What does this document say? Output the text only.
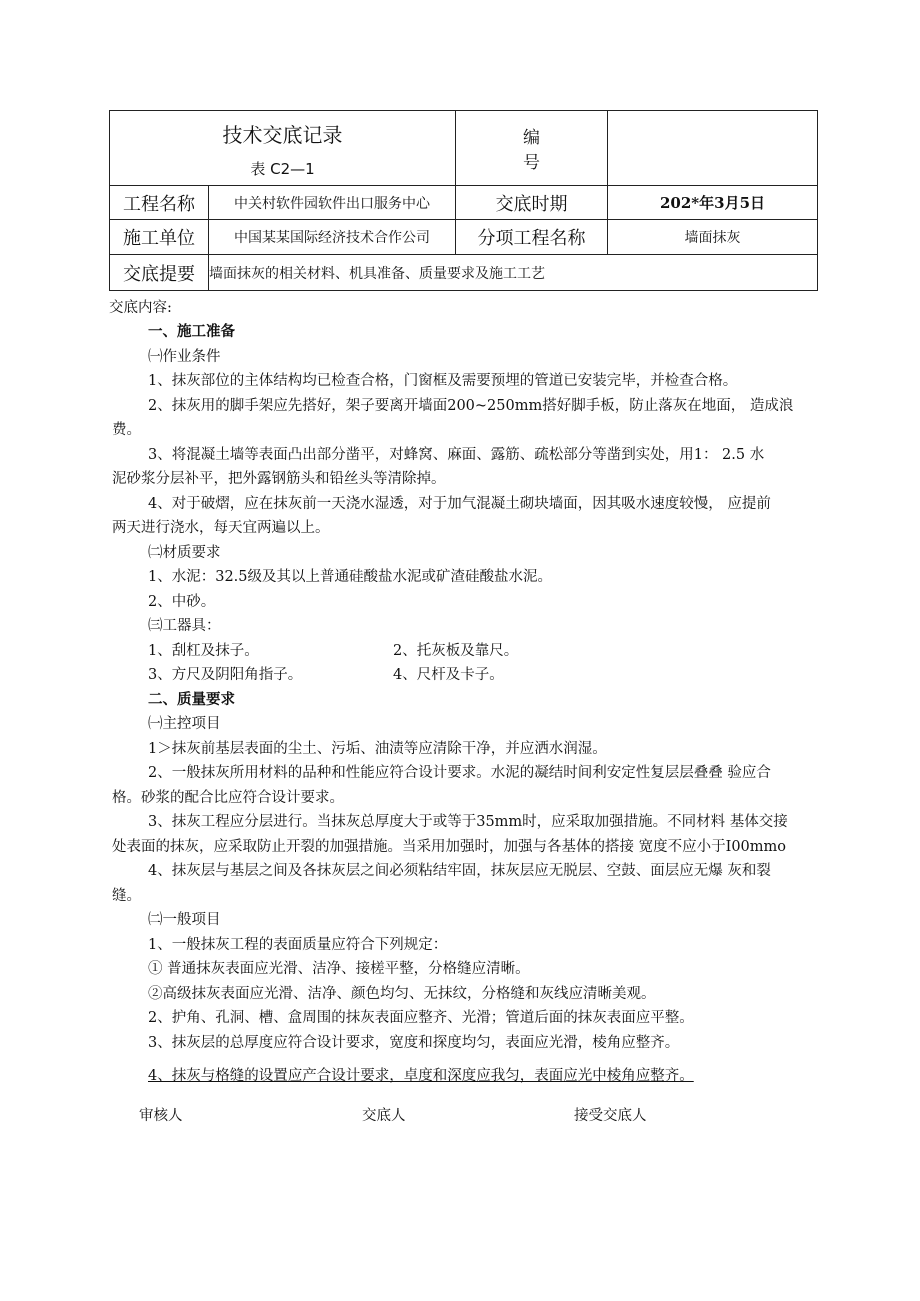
技术交底记录
表 C2—1		编号	
工程名称	中关村软件园软件出口服务中心	交底时期	202*年3月5日
施工单位	中国某某国际经济技术合作公司	分项工程名称	墙面抹灰
交底提要	墙面抹灰的相关材料、机具准备、质量要求及施工工艺		
交底内容:
一、施工准备
㈠作业条件
1、抹灰部位的主体结构均已检查合格，门窗框及需要预埋的管道已安装完毕，并检查合格。
2、抹灰用的脚手架应先搭好，架子要离开墙面200~250mm搭好脚手板，防止落灰在地面， 造成浪
费。
3、将混凝土墙等表面凸出部分凿平，对蜂窝、麻面、露筋、疏松部分等凿到实处，用1： 2.5 水
泥砂浆分层补平，把外露钢筋头和铅丝头等清除掉。
4、对于破熠，应在抹灰前一天浇水湿透，对于加气混凝土砌块墙面，因其吸水速度较慢， 应提前
两天进行浇水，每天宜两遍以上。
㈡材质要求
1、水泥：32.5级及其以上普通硅酸盐水泥或矿渣硅酸盐水泥。
2、中砂。
㈢工器具：
1、刮杠及抹子。	2、托灰板及靠尺。
3、方尺及阴阳角指子。	4、尺杆及卡子。
二、质量要求
㈠主控项目
1＞抹灰前基层表面的尘土、污垢、油渍等应清除干净，并应洒水润湿。
2、一般抹灰所用材料的品种和性能应符合设计要求。水泥的凝结时间利安定性复层层叠叠 验应合
格。砂浆的配合比应符合设计要求。
3、抹灰工程应分层进行。当抹灰总厚度大于或等于35mm时，应采取加强措施。不同材料 基体交接
处表面的抹灰，应采取防止开裂的加强措施。当采用加强时，加强与各基体的搭接 宽度不应小于I00mmo
4、抹灰层与基层之间及各抹灰层之间必须粘结牢固，抹灰层应无脱层、空鼓、面层应无爆 灰和裂
缝。
㈡一般项目
1、一般抹灰工程的表面质量应符合下列规定：
① 普通抹灰表面应光滑、洁净、接槎平整，分格缝应清晰。
②高级抹灰表面应光滑、洁净、颜色均匀、无抹纹，分格缝和灰线应清晰美观。
2、护角、孔洞、槽、盒周围的抹灰表面应整齐、光滑；管道后面的抹灰表面应平整。
3、抹灰层的总厚度应符合设计要求，宽度和探度均匀，表面应光滑，棱角应整齐。
4、抹灰与格缝的设置应产合设计要求，卓度和深度应我匀，表面应光中棱角应整齐。
审核人	交底人	接受交底人
